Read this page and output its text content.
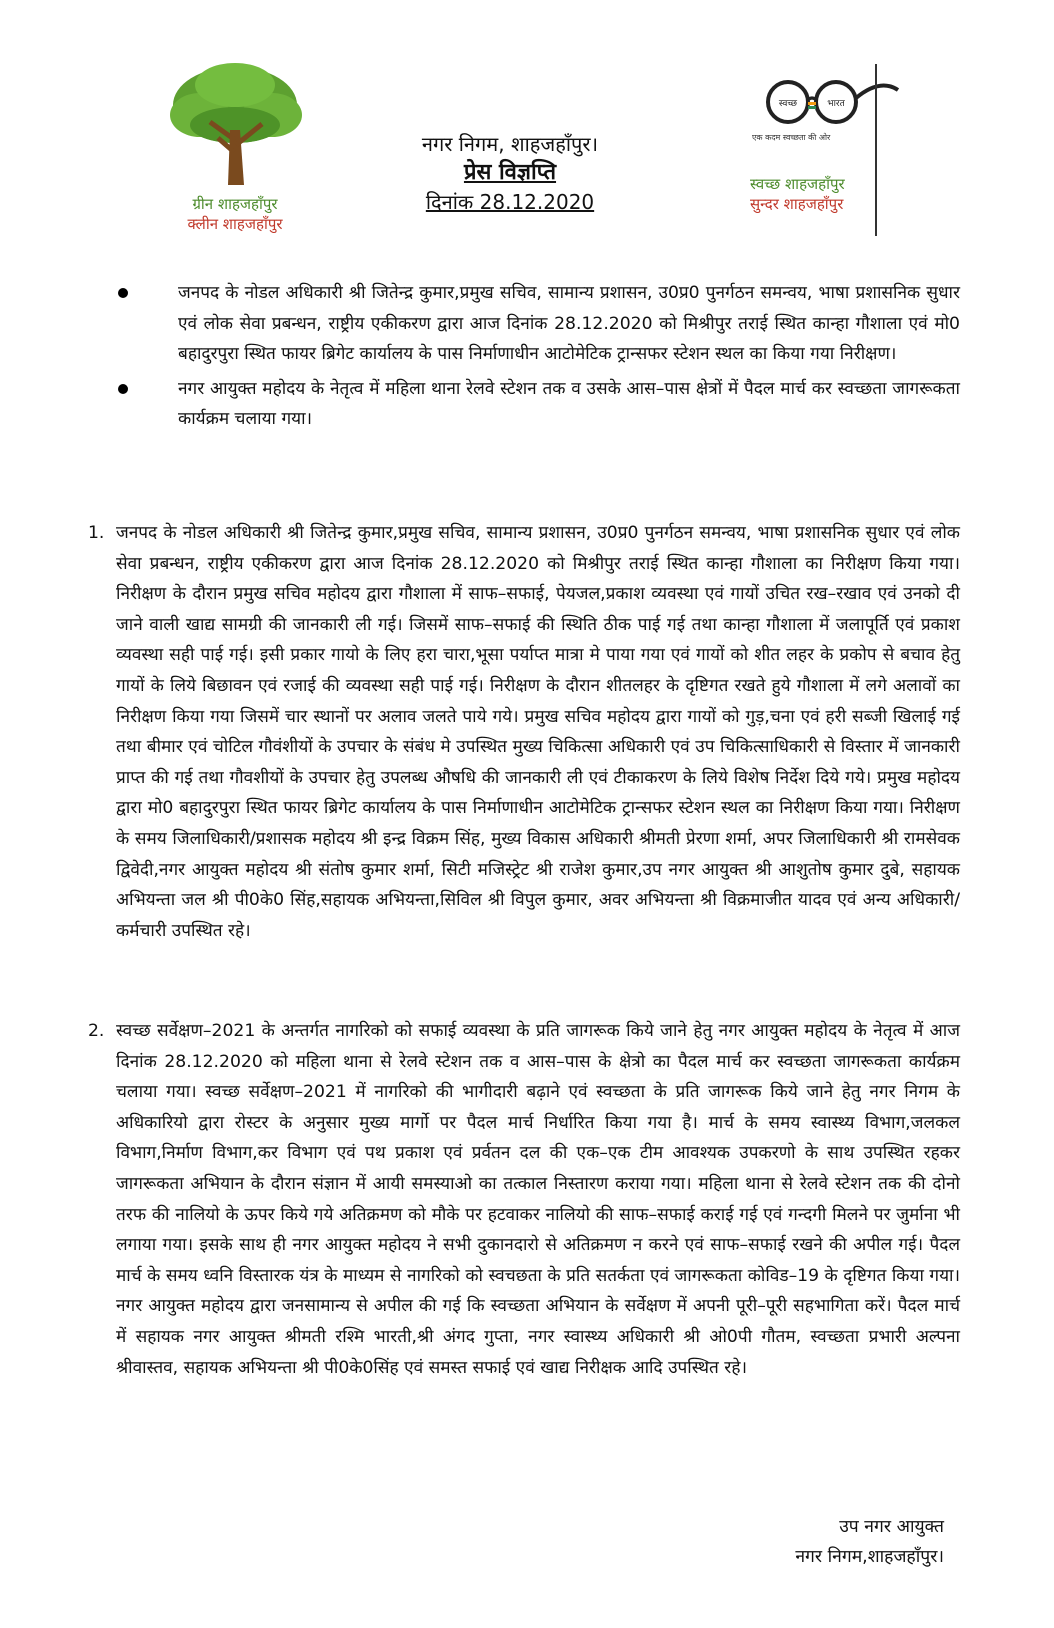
ग्रीन शाहजहाँपुर
क्लीन शाहजहाँपुर
नगर निगम, शाहजहाँपुर।
प्रेस विज्ञप्ति
दिनांक 28.12.2020
स्वच्छ	भारत
एक कदम स्वच्छता की ओर
स्वच्छ शाहजहाँपुर
सुन्दर शाहजहाँपुर
जनपद के नोडल अधिकारी श्री जितेन्द्र कुमार,प्रमुख सचिव, सामान्य प्रशासन, उ0प्र0 पुनर्गठन समन्वय, भाषा प्रशासनिक सुधार एवं लोक सेवा प्रबन्धन, राष्ट्रीय एकीकरण द्वारा आज दिनांक 28.12.2020 को मिश्रीपुर तराई स्थित कान्हा गौशाला एवं मो0 बहादुरपुरा स्थित फायर ब्रिगेट कार्यालय के पास निर्माणाधीन आटोमेटिक ट्रान्सफर स्टेशन स्थल का किया गया निरीक्षण।
नगर आयुक्त महोदय के नेतृत्व में महिला थाना रेलवे स्टेशन तक व उसके आस–पास क्षेत्रों में पैदल मार्च कर स्वच्छता जागरूकता कार्यक्रम चलाया गया।
1. जनपद के नोडल अधिकारी श्री जितेन्द्र कुमार,प्रमुख सचिव, सामान्य प्रशासन, उ0प्र0 पुनर्गठन समन्वय, भाषा प्रशासनिक सुधार एवं लोक सेवा प्रबन्धन, राष्ट्रीय एकीकरण द्वारा आज दिनांक 28.12.2020 को मिश्रीपुर तराई स्थित कान्हा गौशाला का निरीक्षण किया गया। निरीक्षण के दौरान प्रमुख सचिव महोदय द्वारा गौशाला में साफ–सफाई, पेयजल,प्रकाश व्यवस्था एवं गायों उचित रख–रखाव एवं उनको दी जाने वाली खाद्य सामग्री की जानकारी ली गई। जिसमें साफ–सफाई की स्थिति ठीक पाई गई तथा कान्हा गौशाला में जलापूर्ति एवं प्रकाश व्यवस्था सही पाई गई। इसी प्रकार गायो के लिए हरा चारा,भूसा पर्याप्त मात्रा मे पाया गया एवं गायों को शीत लहर के प्रकोप से बचाव हेतु गायों के लिये बिछावन एवं रजाई की व्यवस्था सही पाई गई। निरीक्षण के दौरान शीतलहर के दृष्टिगत रखते हुये गौशाला में लगे अलावों का निरीक्षण किया गया जिसमें चार स्थानों पर अलाव जलते पाये गये। प्रमुख सचिव महोदय द्वारा गायों को गुड़,चना एवं हरी सब्जी खिलाई गई तथा बीमार एवं चोटिल गौवंशीयों के उपचार के संबंध मे उपस्थित मुख्य चिकित्सा अधिकारी एवं उप चिकित्साधिकारी से विस्तार में जानकारी प्राप्त की गई तथा गौवशीयों के उपचार हेतु उपलब्ध औषधि की जानकारी ली एवं टीकाकरण के लिये विशेष निर्देश दिये गये। प्रमुख महोदय द्वारा मो0 बहादुरपुरा स्थित फायर ब्रिगेट कार्यालय के पास निर्माणाधीन आटोमेटिक ट्रान्सफर स्टेशन स्थल का निरीक्षण किया गया। निरीक्षण के समय जिलाधिकारी/प्रशासक महोदय श्री इन्द्र विक्रम सिंह, मुख्य विकास अधिकारी श्रीमती प्रेरणा शर्मा, अपर जिलाधिकारी श्री रामसेवक द्विवेदी,नगर आयुक्त महोदय श्री संतोष कुमार शर्मा, सिटी मजिस्ट्रेट श्री राजेश कुमार,उप नगर आयुक्त श्री आशुतोष कुमार दुबे, सहायक अभियन्ता जल श्री पी0के0 सिंह,सहायक अभियन्ता,सिविल श्री विपुल कुमार, अवर अभियन्ता श्री विक्रमाजीत यादव एवं अन्य अधिकारी/कर्मचारी उपस्थित रहे।
2. स्वच्छ सर्वेक्षण–2021 के अन्तर्गत नागरिको को सफाई व्यवस्था के प्रति जागरूक किये जाने हेतु नगर आयुक्त महोदय के नेतृत्व में आज दिनांक 28.12.2020 को महिला थाना से रेलवे स्टेशन तक व आस–पास के क्षेत्रो का पैदल मार्च कर स्वच्छता जागरूकता कार्यक्रम चलाया गया। स्वच्छ सर्वेक्षण–2021 में नागरिको की भागीदारी बढ़ाने एवं स्वच्छता के प्रति जागरूक किये जाने हेतु नगर निगम के अधिकारियो द्वारा रोस्टर के अनुसार मुख्य मार्गो पर पैदल मार्च निर्धारित किया गया है। मार्च के समय स्वास्थ्य विभाग,जलकल विभाग,निर्माण विभाग,कर विभाग एवं पथ प्रकाश एवं प्रर्वतन दल की एक–एक टीम आवश्यक उपकरणो के साथ उपस्थित रहकर जागरूकता अभियान के दौरान संज्ञान में आयी समस्याओ का तत्काल निस्तारण कराया गया। महिला थाना से रेलवे स्टेशन तक की दोनो तरफ की नालियो के ऊपर किये गये अतिक्रमण को मौके पर हटवाकर नालियो की साफ–सफाई कराई गई एवं गन्दगी मिलने पर जुर्माना भी लगाया गया। इसके साथ ही नगर आयुक्त महोदय ने सभी दुकानदारो से अतिक्रमण न करने एवं साफ–सफाई रखने की अपील गई। पैदल मार्च के समय ध्वनि विस्तारक यंत्र के माध्यम से नागरिको को स्वचछता के प्रति सतर्कता एवं जागरूकता कोविड–19 के दृष्टिगत किया गया। नगर आयुक्त महोदय द्वारा जनसामान्य से अपील की गई कि स्वच्छता अभियान के सर्वेक्षण में अपनी पूरी–पूरी सहभागिता करें। पैदल मार्च में सहायक नगर आयुक्त श्रीमती रश्मि भारती,श्री अंगद गुप्ता, नगर स्वास्थ्य अधिकारी श्री ओ0पी गौतम, स्वच्छता प्रभारी अल्पना श्रीवास्तव, सहायक अभियन्ता श्री पी0के0सिंह एवं समस्त सफाई एवं खाद्य निरीक्षक आदि उपस्थित रहे।
उप नगर आयुक्त
नगर निगम,शाहजहाँपुर।
